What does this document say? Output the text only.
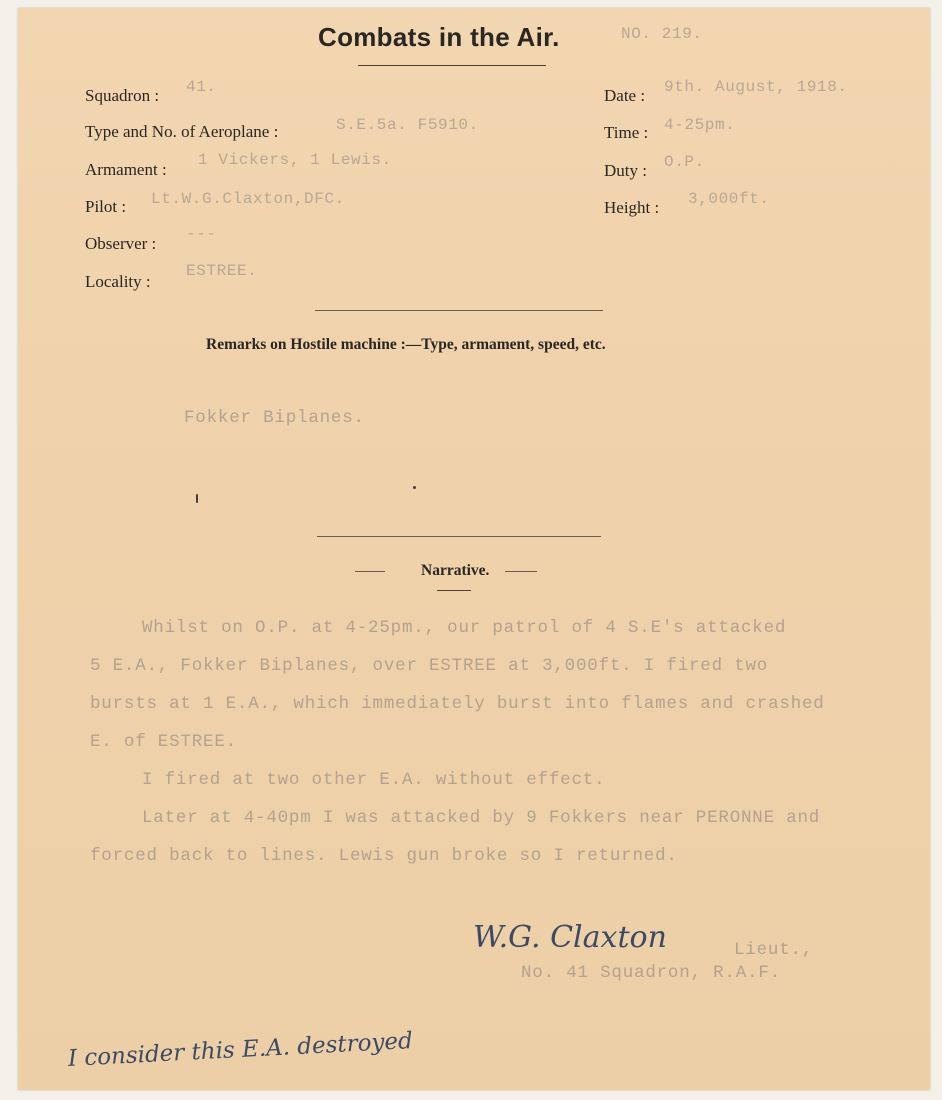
Combats in the Air.	NO. 219.
Squadron : 41.
Type and No. of Aeroplane :	S.E.5a. F5910.
Armament : 1 Vickers, 1 Lewis.
Pilot : Lt.W.G.Claxton,DFC.
Observer : ---
Locality :
ESTREE.
Date : 9th. August, 1918.
Time : 4-25pm.
Duty : O.P.
Height : 3,000ft.
Remarks on Hostile machine :—Type, armament, speed, etc.
Fokker Biplanes.
Narrative.
Whilst on O.P. at 4-25pm., our patrol of 4 S.E's attacked
5 E.A., Fokker Biplanes, over ESTREE at 3,000ft. I fired two
bursts at 1 E.A., which immediately burst into flames and crashed
E. of ESTREE.
I fired at two other E.A. without effect.
Later at 4-40pm I was attacked by 9 Fokkers near PERONNE and
forced back to lines. Lewis gun broke so I returned.
W.G. Claxton	Lieut.,
No. 41 Squadron, R.A.F.
I consider this E.A. destroyed
